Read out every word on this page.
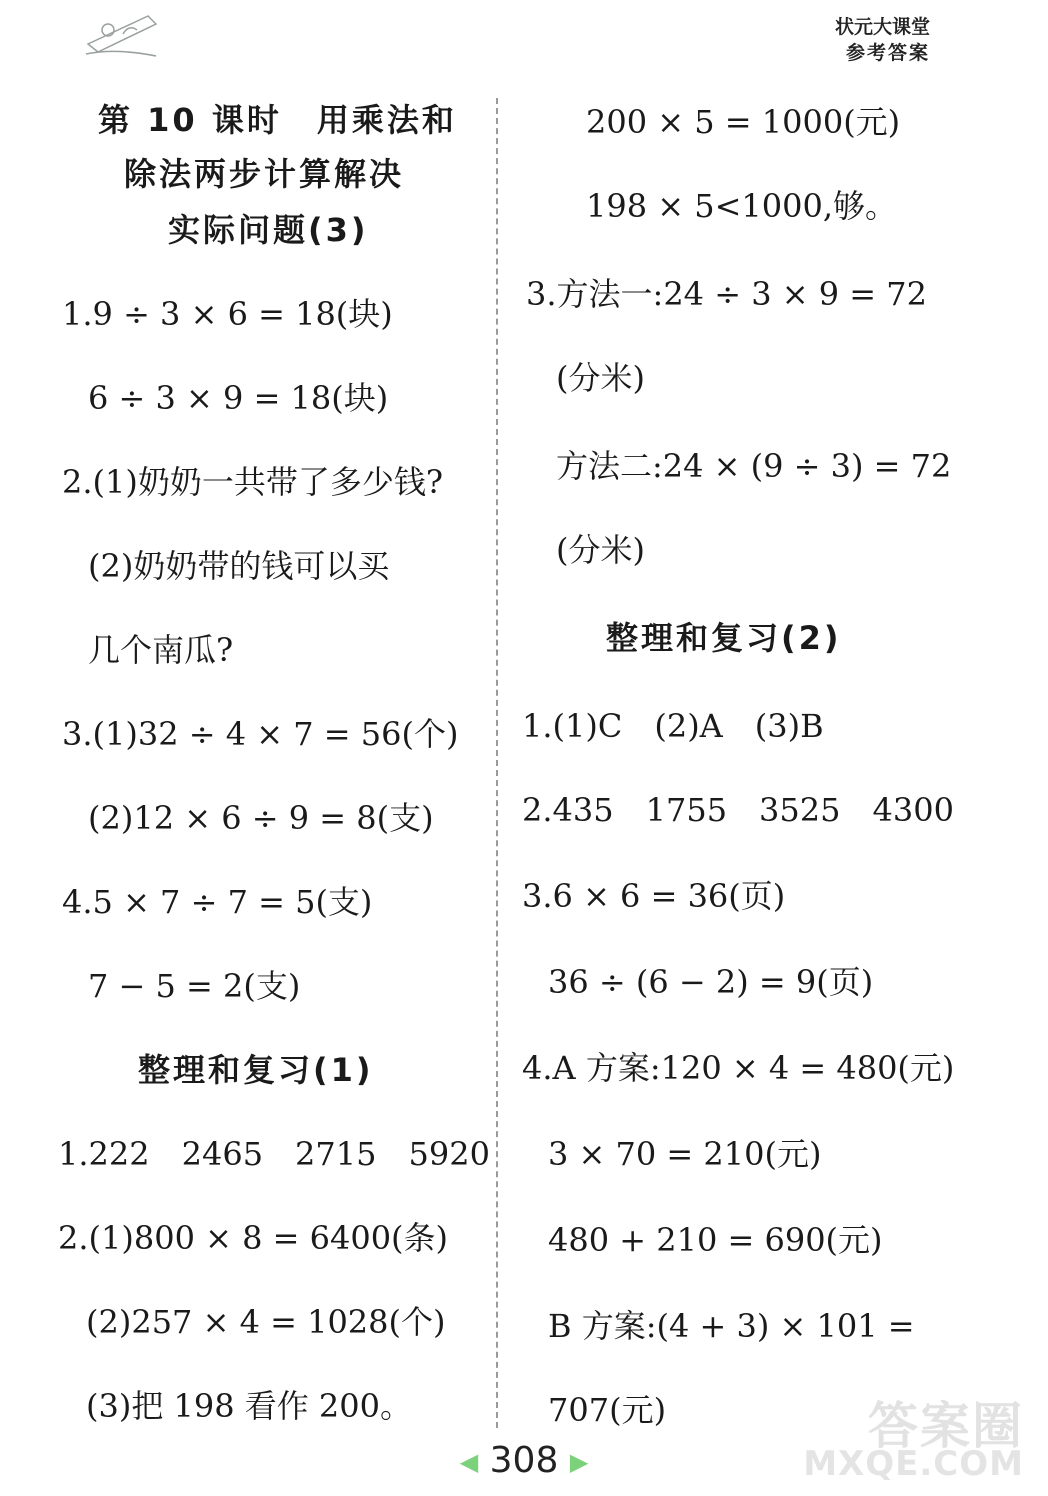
状元大课堂
参考答案
第 10 课时　用乘法和
除法两步计算解决
实际问题(3)
1.9 ÷ 3 × 6 = 18(块)
6 ÷ 3 × 9 = 18(块)
2.(1)奶奶一共带了多少钱?
(2)奶奶带的钱可以买
几个南瓜?
3.(1)32 ÷ 4 × 7 = 56(个)
(2)12 × 6 ÷ 9 = 8(支)
4.5 × 7 ÷ 7 = 5(支)
7 − 5 = 2(支)
整理和复习(1)
1.222　2465　2715　5920
2.(1)800 × 8 = 6400(条)
(2)257 × 4 = 1028(个)
(3)把 198 看作 200。
200 × 5 = 1000(元)
198 × 5<1000,够。
3.方法一:24 ÷ 3 × 9 = 72
(分米)
方法二:24 × (9 ÷ 3) = 72
(分米)
整理和复习(2)
1.(1)C　(2)A　(3)B
2.435　1755　3525　4300
3.6 × 6 = 36(页)
36 ÷ (6 − 2) = 9(页)
4.A 方案:120 × 4 = 480(元)
3 × 70 = 210(元)
480 + 210 = 690(元)
B 方案:(4 + 3) × 101 =
707(元)	答案圈
MXQE.COM
◀ 308 ▶
